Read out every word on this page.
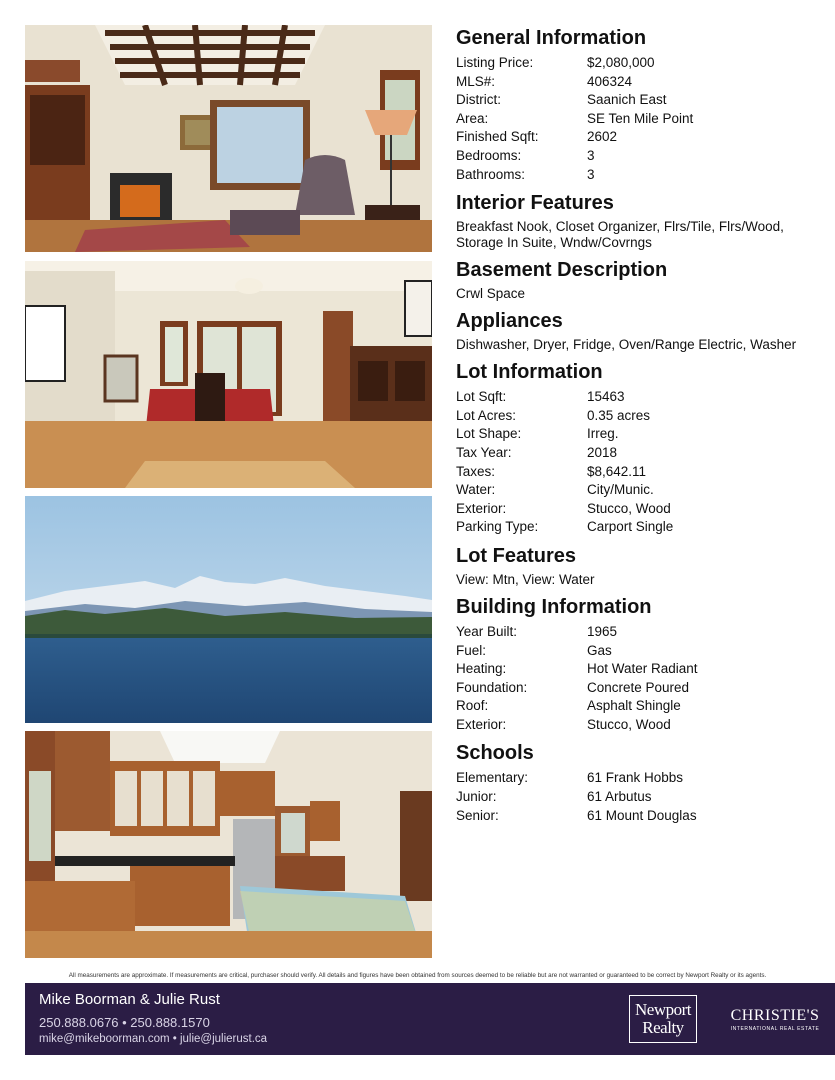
General Information
Listing Price:	$2,080,000
MLS#:	406324
District:	Saanich East
Area:	SE Ten Mile Point
Finished Sqft:	2602
Bedrooms:	3
Bathrooms:	3
Interior Features
Breakfast Nook, Closet Organizer, Flrs/Tile, Flrs/Wood, Storage In Suite, Wndw/Covrngs
Basement Description
Crwl Space
Appliances
Dishwasher, Dryer, Fridge, Oven/Range Electric, Washer
Lot Information
Lot Sqft:	15463
Lot Acres:	0.35 acres
Lot Shape:	Irreg.
Tax Year:	2018
Taxes:	$8,642.11
Water:	City/Munic.
Exterior:	Stucco, Wood
Parking Type:	Carport Single
Lot Features
View: Mtn, View: Water
Building Information
Year Built:	1965
Fuel:	Gas
Heating:	Hot Water Radiant
Foundation:	Concrete Poured
Roof:	Asphalt Shingle
Exterior:	Stucco, Wood
Schools
Elementary:	61 Frank Hobbs
Junior:	61 Arbutus
Senior:	61 Mount Douglas
All measurements are approximate. If measurements are critical, purchaser should verify. All details and figures have been obtained from sources deemed to be reliable but are not warranted or guaranteed to be correct by Newport Realty or its agents.
Mike Boorman & Julie Rust
250.888.0676 • 250.888.1570
mike@mikeboorman.com • julie@julierust.ca
Newport
Realty
CHRISTIE'S
INTERNATIONAL REAL ESTATE
